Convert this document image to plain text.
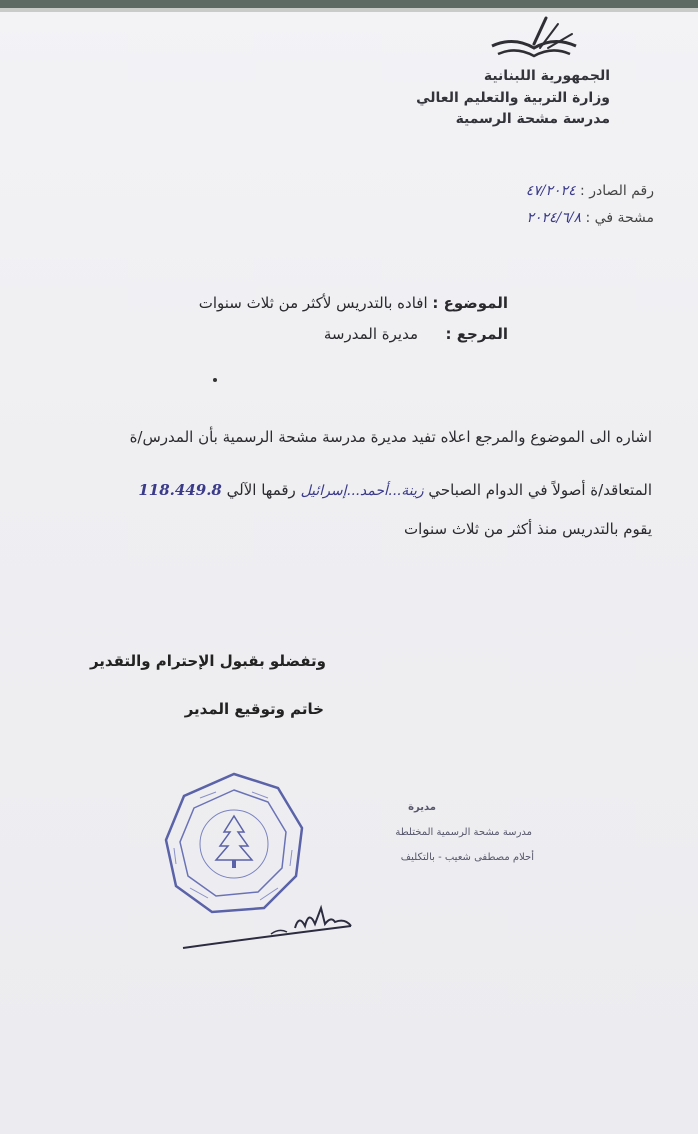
الجمهورية اللبنانية
وزارة التربية والتعليم العالي
مدرسة مشحة الرسمية
رقم الصادر : ٤٧/٢٠٢٤
مشحة في : ٢٠٢٤/٦/٨
الموضوع : افاده بالتدريس لأكثر من ثلاث سنوات
المرجع :  مديرة المدرسة
اشاره الى الموضوع والمرجع اعلاه تفيد مديرة مدرسة مشحة الرسمية بأن المدرس/ة
المتعاقد/ة أصولاً في الدوام الصباحي زينة...أحمد...إسرائيل رقمها الآلي 118.449.8
يقوم بالتدريس منذ أكثر من ثلاث سنوات
وتفضلو بقبول الإحترام والتقدير
خاتم وتوقيع المدير
مديرة
مدرسة مشحة الرسمية المختلطة
أحلام مصطفى شعيب - بالتكليف
